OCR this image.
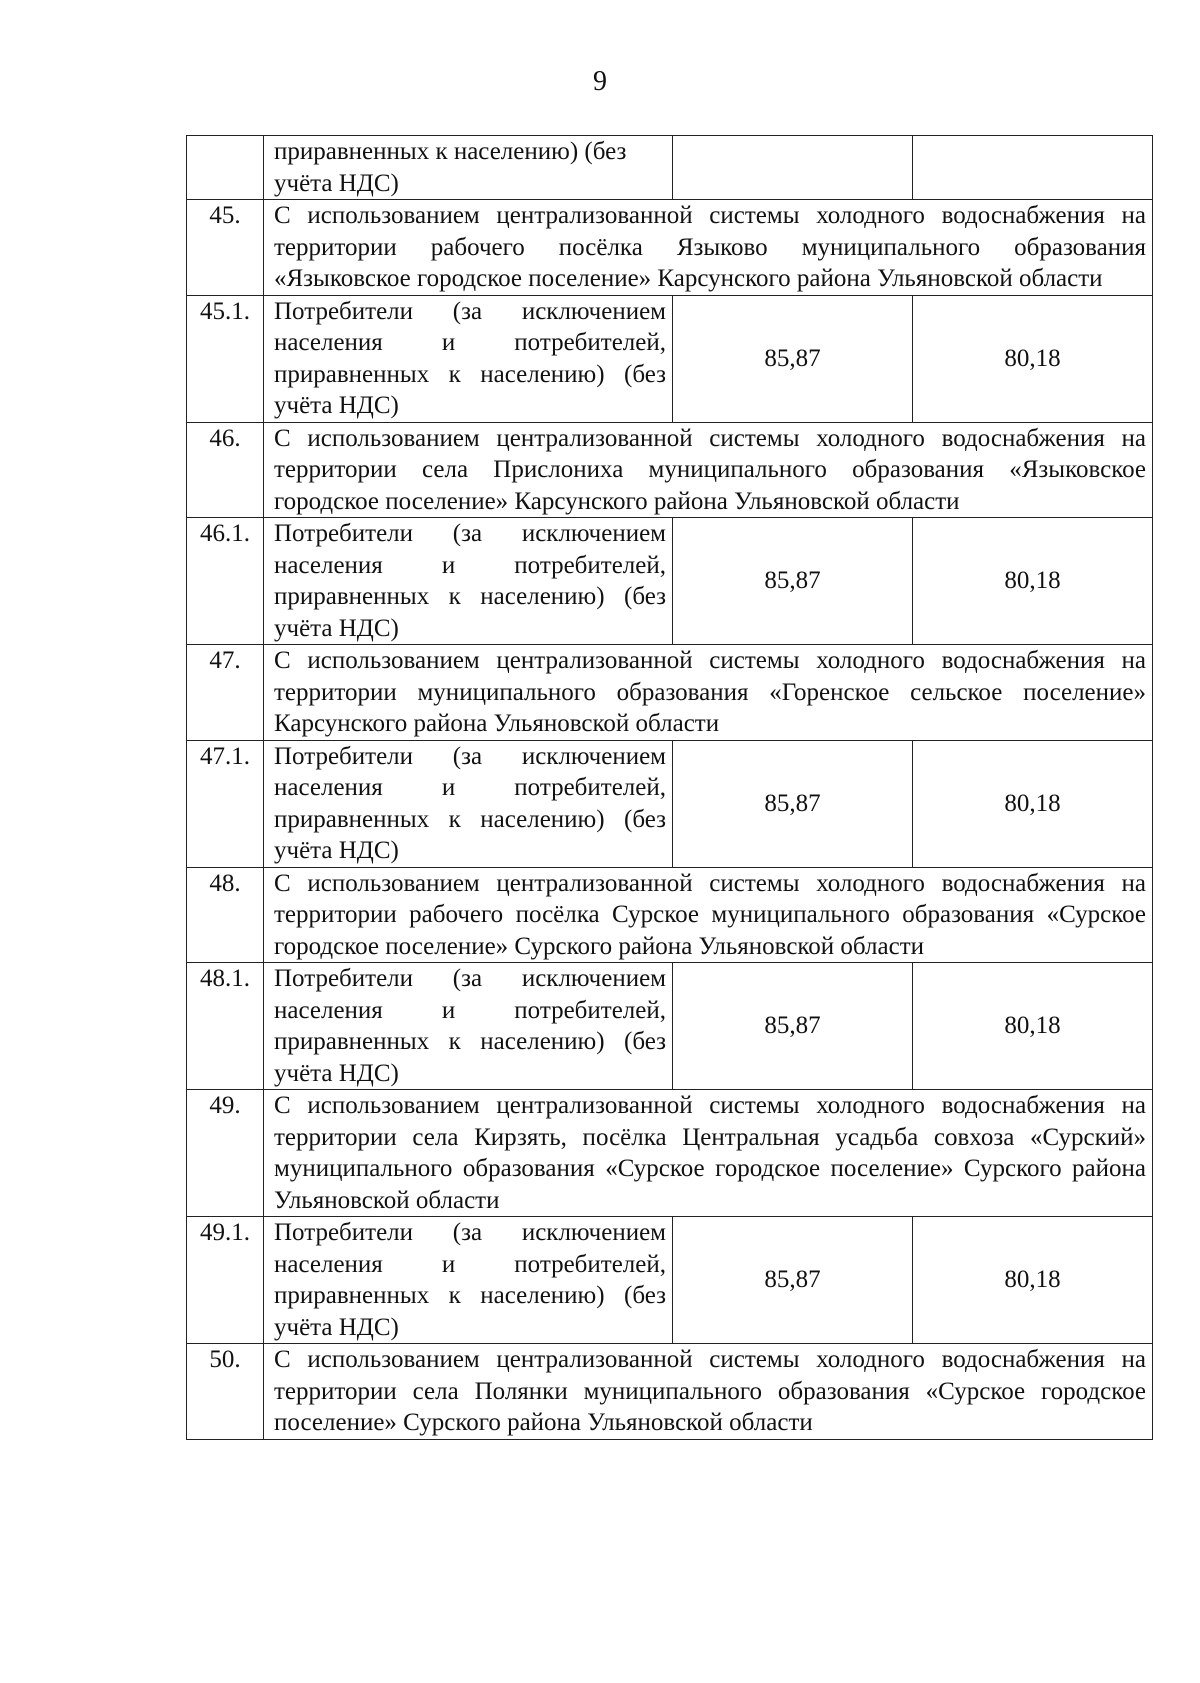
9
	приравненных к населению) (без учёта НДС)		
45.	С использованием централизованной системы холодного водоснабжения на территории рабочего посёлка Языково муниципального образования «Языковское городское поселение» Карсунского района Ульяновской области		
45.1.	Потребители (за исключением населения и потребителей, приравненных к населению) (без учёта НДС)	85,87	80,18
46.	С использованием централизованной системы холодного водоснабжения на территории села Прислониха муниципального образования «Языковское городское поселение» Карсунского района Ульяновской области		
46.1.	Потребители (за исключением населения и потребителей, приравненных к населению) (без учёта НДС)	85,87	80,18
47.	С использованием централизованной системы холодного водоснабжения на территории муниципального образования «Горенское сельское поселение» Карсунского района Ульяновской области		
47.1.	Потребители (за исключением населения и потребителей, приравненных к населению) (без учёта НДС)	85,87	80,18
48.	С использованием централизованной системы холодного водоснабжения на территории рабочего посёлка Сурское муниципального образования «Сурское городское поселение» Сурского района Ульяновской области		
48.1.	Потребители (за исключением населения и потребителей, приравненных к населению) (без учёта НДС)	85,87	80,18
49.	С использованием централизованной системы холодного водоснабжения на территории села Кирзять, посёлка Центральная усадьба совхоза «Сурский» муниципального образования «Сурское городское поселение» Сурского района Ульяновской области		
49.1.	Потребители (за исключением населения и потребителей, приравненных к населению) (без учёта НДС)	85,87	80,18
50.	С использованием централизованной системы холодного водоснабжения на территории села Полянки муниципального образования «Сурское городское поселение» Сурского района Ульяновской области		
